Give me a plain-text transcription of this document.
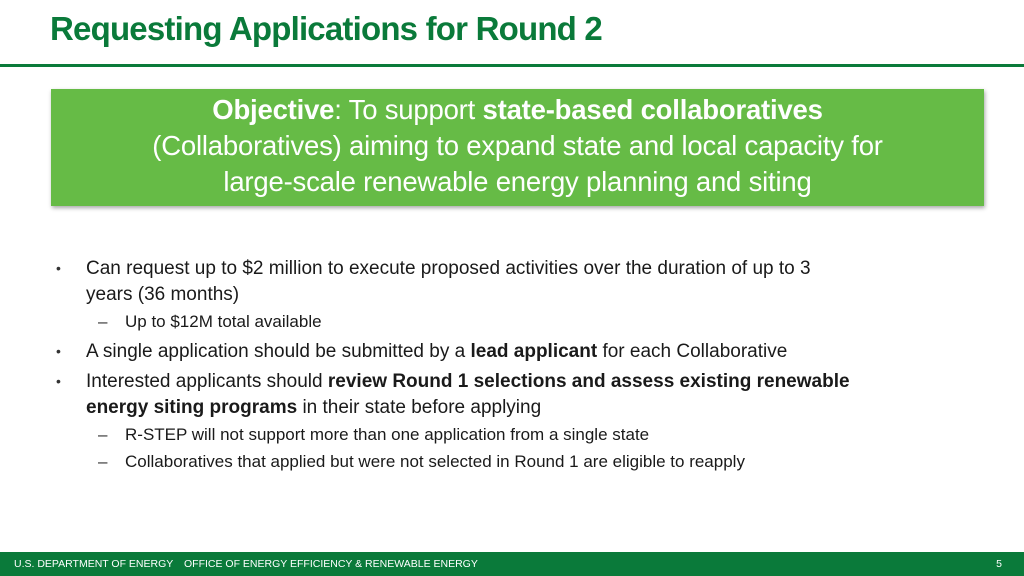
Requesting Applications for Round 2
Objective: To support state-based collaboratives
(Collaboratives) aiming to expand state and local capacity for
large-scale renewable energy planning and siting
• Can request up to $2 million to execute proposed activities over the duration of up to 3
years (36 months)
– Up to $12M total available
• A single application should be submitted by a lead applicant for each Collaborative
• Interested applicants should review Round 1 selections and assess existing renewable
energy siting programs in their state before applying
– R-STEP will not support more than one application from a single state
– Collaboratives that applied but were not selected in Round 1 are eligible to reapply
U.S. DEPARTMENT OF ENERGY OFFICE OF ENERGY EFFICIENCY & RENEWABLE ENERGY	5
